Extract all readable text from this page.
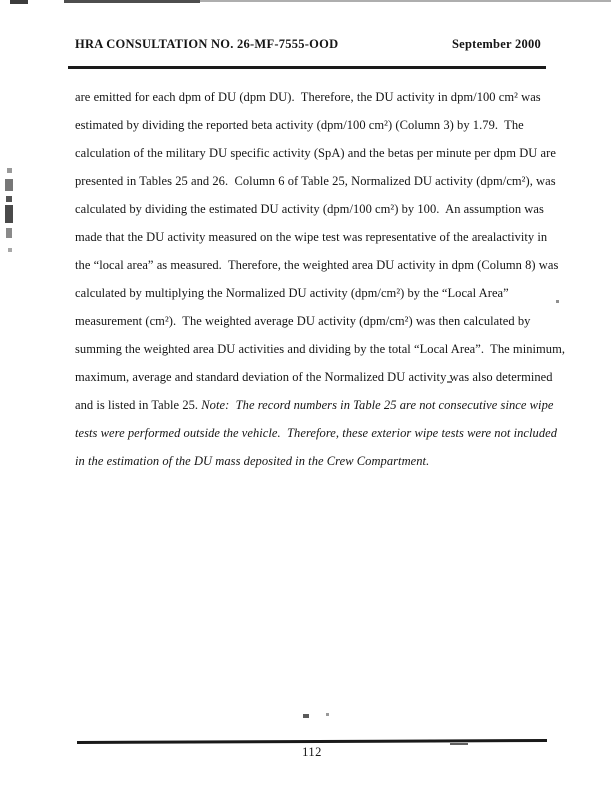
HRA CONSULTATION NO. 26-MF-7555-OOD	September 2000
are emitted for each dpm of DU (dpm DU).  Therefore, the DU activity in dpm/100 cm² was
estimated by dividing the reported beta activity (dpm/100 cm²) (Column 3) by 1.79.  The
calculation of the military DU specific activity (SpA) and the betas per minute per dpm DU are
presented in Tables 25 and 26.  Column 6 of Table 25, Normalized DU activity (dpm/cm²), was
calculated by dividing the estimated DU activity (dpm/100 cm²) by 100.  An assumption was
made that the DU activity measured on the wipe test was representative of the arealactivity in
the “local area” as measured.  Therefore, the weighted area DU activity in dpm (Column 8) was
calculated by multiplying the Normalized DU activity (dpm/cm²) by the “Local Area”
measurement (cm²).  The weighted average DU activity (dpm/cm²) was then calculated by
summing the weighted area DU activities and dividing by the total “Local Area”.  The minimum,
maximum, average and standard deviation of the Normalized DU activity was also determined
and is listed in Table 25. Note:  The record numbers in Table 25 are not consecutive since wipe
tests were performed outside the vehicle.  Therefore, these exterior wipe tests were not included
in the estimation of the DU mass deposited in the Crew Compartment.
112
